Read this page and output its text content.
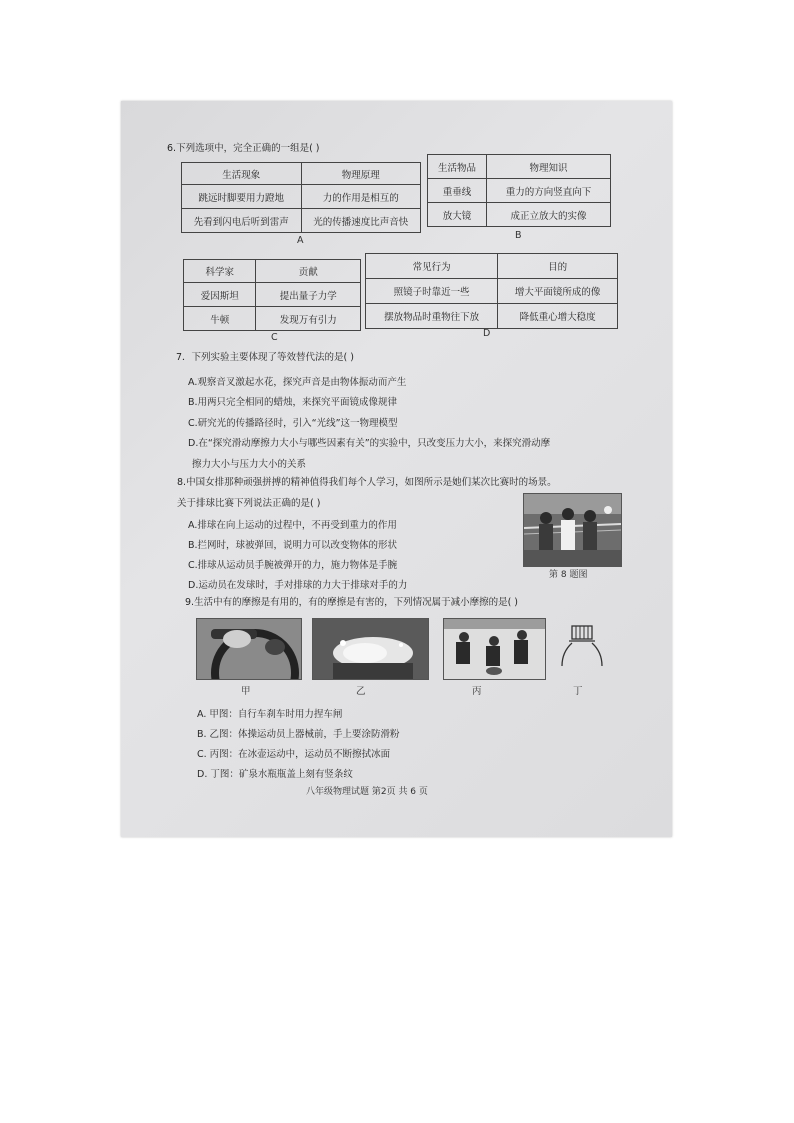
6.下列选项中，完全正确的一组是( )
生活现象	物理原理
跳远时脚要用力蹬地	力的作用是相互的
先看到闪电后听到雷声	光的传播速度比声音快
A
生活物品	物理知识
重垂线	重力的方向竖直向下
放大镜	成正立放大的实像
B
科学家	贡献
爱因斯坦	提出量子力学
牛顿	发现万有引力
C
常见行为	目的
照镜子时靠近一些	增大平面镜所成的像
摆放物品时重物往下放	降低重心增大稳度
D
7．下列实验主要体现了等效替代法的是( )
A.观察音叉激起水花，探究声音是由物体振动而产生
B.用两只完全相同的蜡烛，来探究平面镜成像规律
C.研究光的传播路径时，引入“光线”这一物理模型
D.在“探究滑动摩擦力大小与哪些因素有关”的实验中，只改变压力大小，来探究滑动摩
擦力大小与压力大小的关系
8.中国女排那种顽强拼搏的精神值得我们每个人学习，如图所示是她们某次比赛时的场景。
关于排球比赛下列说法正确的是( )
A.排球在向上运动的过程中，不再受到重力的作用
B.拦网时，球被弹回，说明力可以改变物体的形状
C.排球从运动员手腕被弹开的力，施力物体是手腕
D.运动员在发球时，手对排球的力大于排球对手的力
第 8 题图
9.生活中有的摩擦是有用的，有的摩擦是有害的，下列情况属于减小摩擦的是( )
甲	乙	丙	丁
A. 甲图：自行车刹车时用力捏车闸
B. 乙图：体操运动员上器械前，手上要涂防滑粉
C. 丙图：在冰壶运动中，运动员不断擦拭冰面
D. 丁图：矿泉水瓶瓶盖上刻有竖条纹
八年级物理试题 第2页 共 6 页
